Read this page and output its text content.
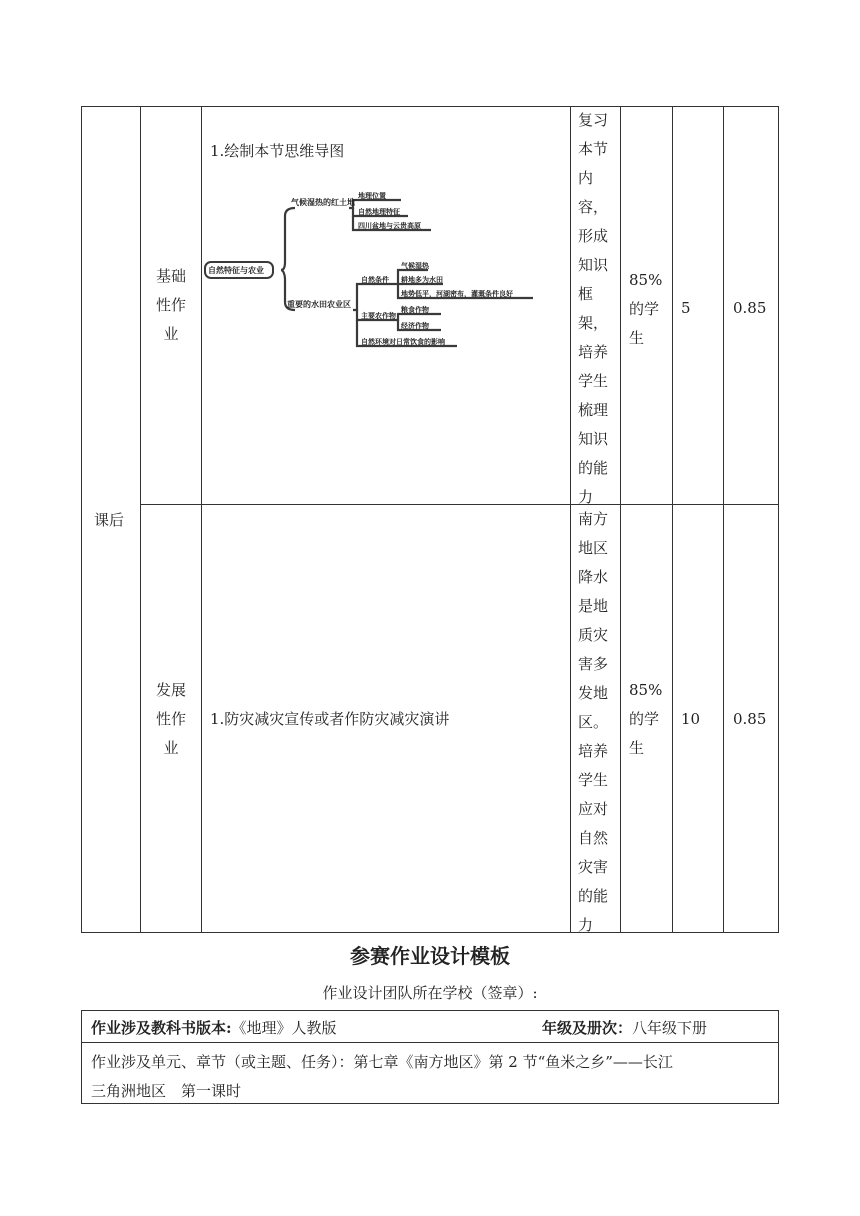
课后
基础
性作
业
1.绘制本节思维导图
自然特征与农业
气候湿热的红土地
地理位置
自然地理特征
四川盆地与云贵高原
重要的水田农业区
自然条件
气候湿热
耕地多为水田
地势低平，河湖密布，灌溉条件良好
主要农作物
粮食作物
经济作物
自然环境对日常饮食的影响
复习
本节
内
容，
形成
知识
框
架，
培养
学生
梳理
知识
的能
力
85%
的学
生
5	0.85
发展
性作
业
1.防灾减灾宣传或者作防灾减灾演讲
南方
地区
降水
是地
质灾
害多
发地
区。
培养
学生
应对
自然
灾害
的能
力
85%
的学
生
10 0.85
参赛作业设计模板
作业设计团队所在学校（签章）:
作业涉及教科书版本:《地理》人教版	年级及册次：八年级下册
作业涉及单元、章节（或主题、任务）：第七章《南方地区》第 2 节“鱼米之乡”——长江
三角洲地区　第一课时
